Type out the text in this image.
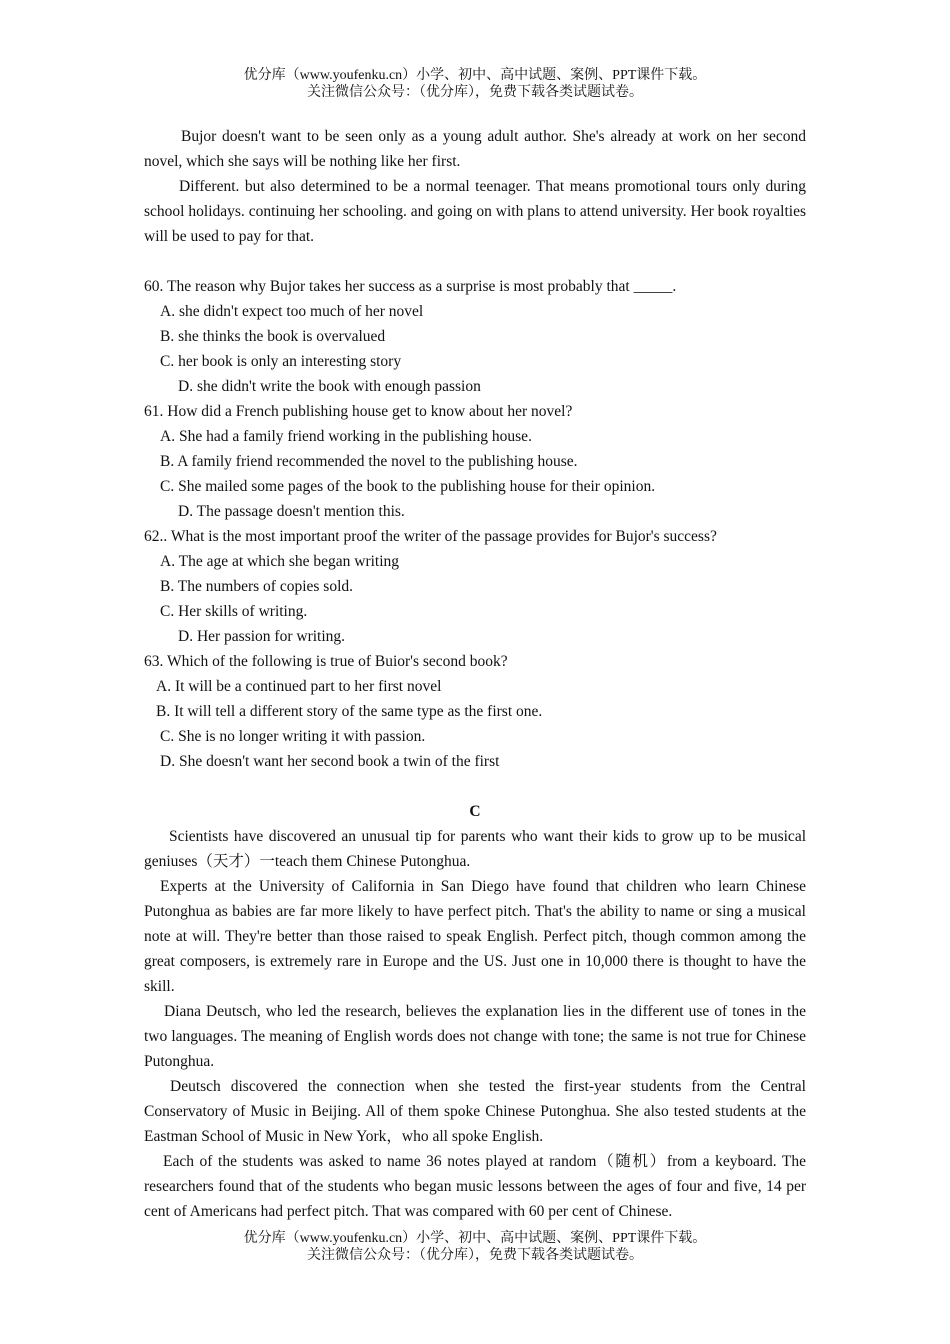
优分库（www.youfenku.cn）小学、初中、高中试题、案例、PPT课件下载。
关注微信公众号：（优分库），免费下载各类试题试卷。

Bujor doesn't want to be seen only as a young adult author. She's already at work on her second novel, which she says will be nothing like her first.

Different. but also determined to be a normal teenager. That means promotional tours only during school holidays. continuing her schooling. and going on with plans to attend university. Her book royalties will be used to pay for that.

60. The reason why Bujor takes her success as a surprise is most probably that _____.

A. she didn't expect too much of her novel

B. she thinks the book is overvalued

C. her book is only an interesting story

D. she didn't write the book with enough passion

61. How did a French publishing house get to know about her novel?

A. She had a family friend working in the publishing house.

B. A family friend recommended the novel to the publishing house.

C. She mailed some pages of the book to the publishing house for their opinion.

D. The passage doesn't mention this.

62.. What is the most important proof the writer of the passage provides for Bujor's success?

A. The age at which she began writing

B. The numbers of copies sold.

C. Her skills of writing.

D. Her passion for writing.

63. Which of the following is true of Buior's second book?

A. It will be a continued part to her first novel

B. It will tell a different story of the same type as the first one.

C. She is no longer writing it with passion.

D. She doesn't want her second book a twin of the first

C

Scientists have discovered an unusual tip for parents who want their kids to grow up to be musical geniuses（天才）一teach them Chinese Putonghua.

Experts at the University of California in San Diego have found that children who learn Chinese Putonghua as babies are far more likely to have perfect pitch. That's the ability to name or sing a musical note at will. They're better than those raised to speak English. Perfect pitch, though common among the great composers, is extremely rare in Europe and the US. Just one in 10,000 there is thought to have the skill.

Diana Deutsch, who led the research, believes the explanation lies in the different use of tones in the two languages. The meaning of English words does not change with tone; the same is not true for Chinese Putonghua.

Deutsch discovered the connection when she tested the first-year students from the Central Conservatory of Music in Beijing. All of them spoke Chinese Putonghua. She also tested students at the Eastman School of Music in New York，who all spoke English.

Each of the students was asked to name 36 notes played at random（随机）from a keyboard. The researchers found that of the students who began music lessons between the ages of four and five, 14 per cent of Americans had perfect pitch. That was compared with 60 per cent of Chinese.

优分库（www.youfenku.cn）小学、初中、高中试题、案例、PPT课件下载。
关注微信公众号：（优分库），免费下载各类试题试卷。
